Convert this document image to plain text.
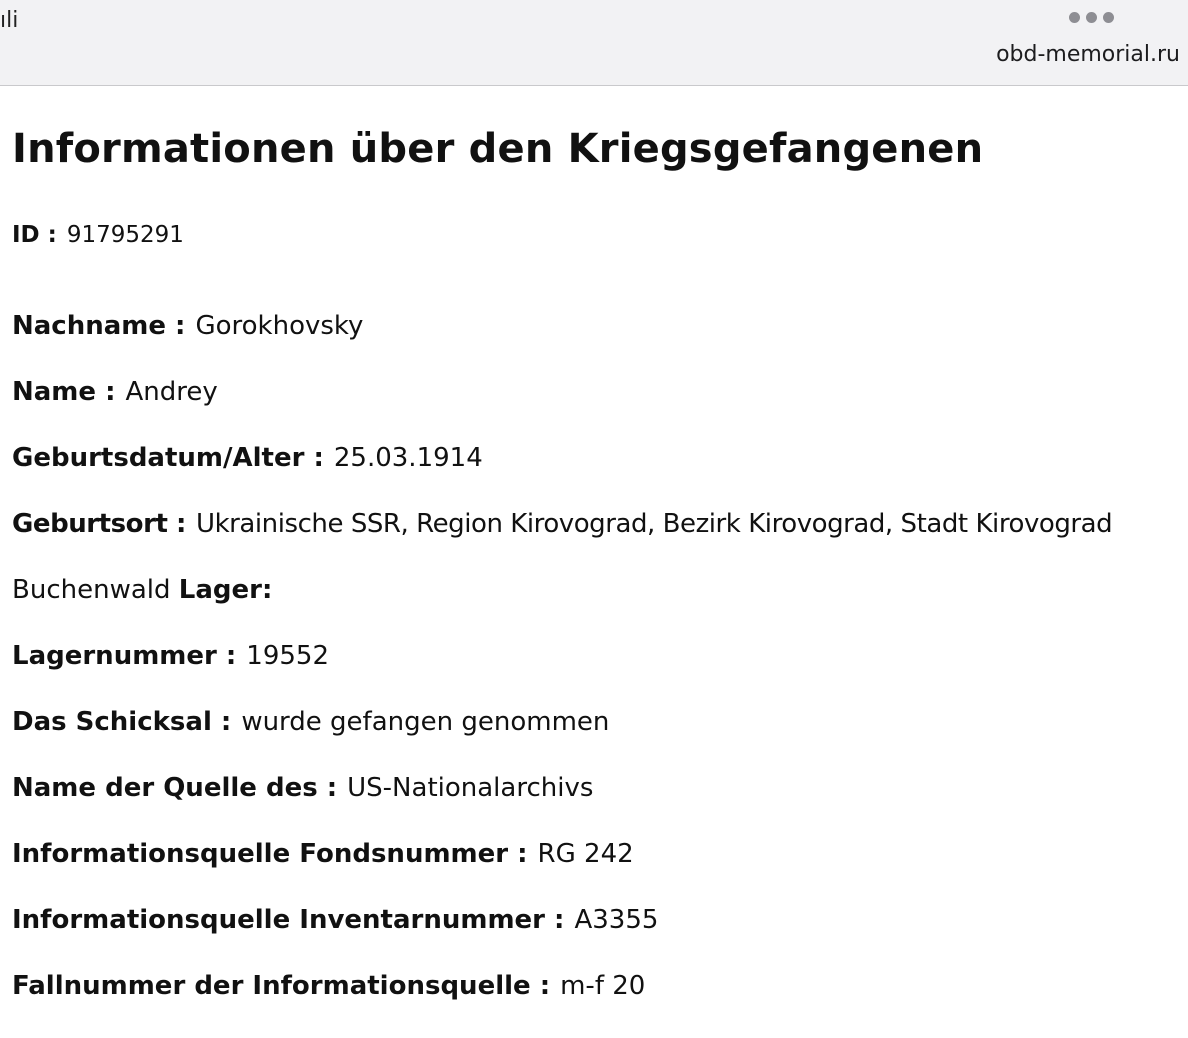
ıli
obd-memorial.ru
Informationen über den Kriegsgefangenen
ID : 91795291
Nachname : Gorokhovsky
Name : Andrey
Geburtsdatum/Alter : 25.03.1914
Geburtsort : Ukrainische SSR, Region Kirovograd, Bezirk Kirovograd, Stadt Kirovograd
Buchenwald Lager:
Lagernummer : 19552
Das Schicksal : wurde gefangen genommen
Name der Quelle des : US-Nationalarchivs
Informationsquelle Fondsnummer : RG 242
Informationsquelle Inventarnummer : A3355
Fallnummer der Informationsquelle : m-f 20
